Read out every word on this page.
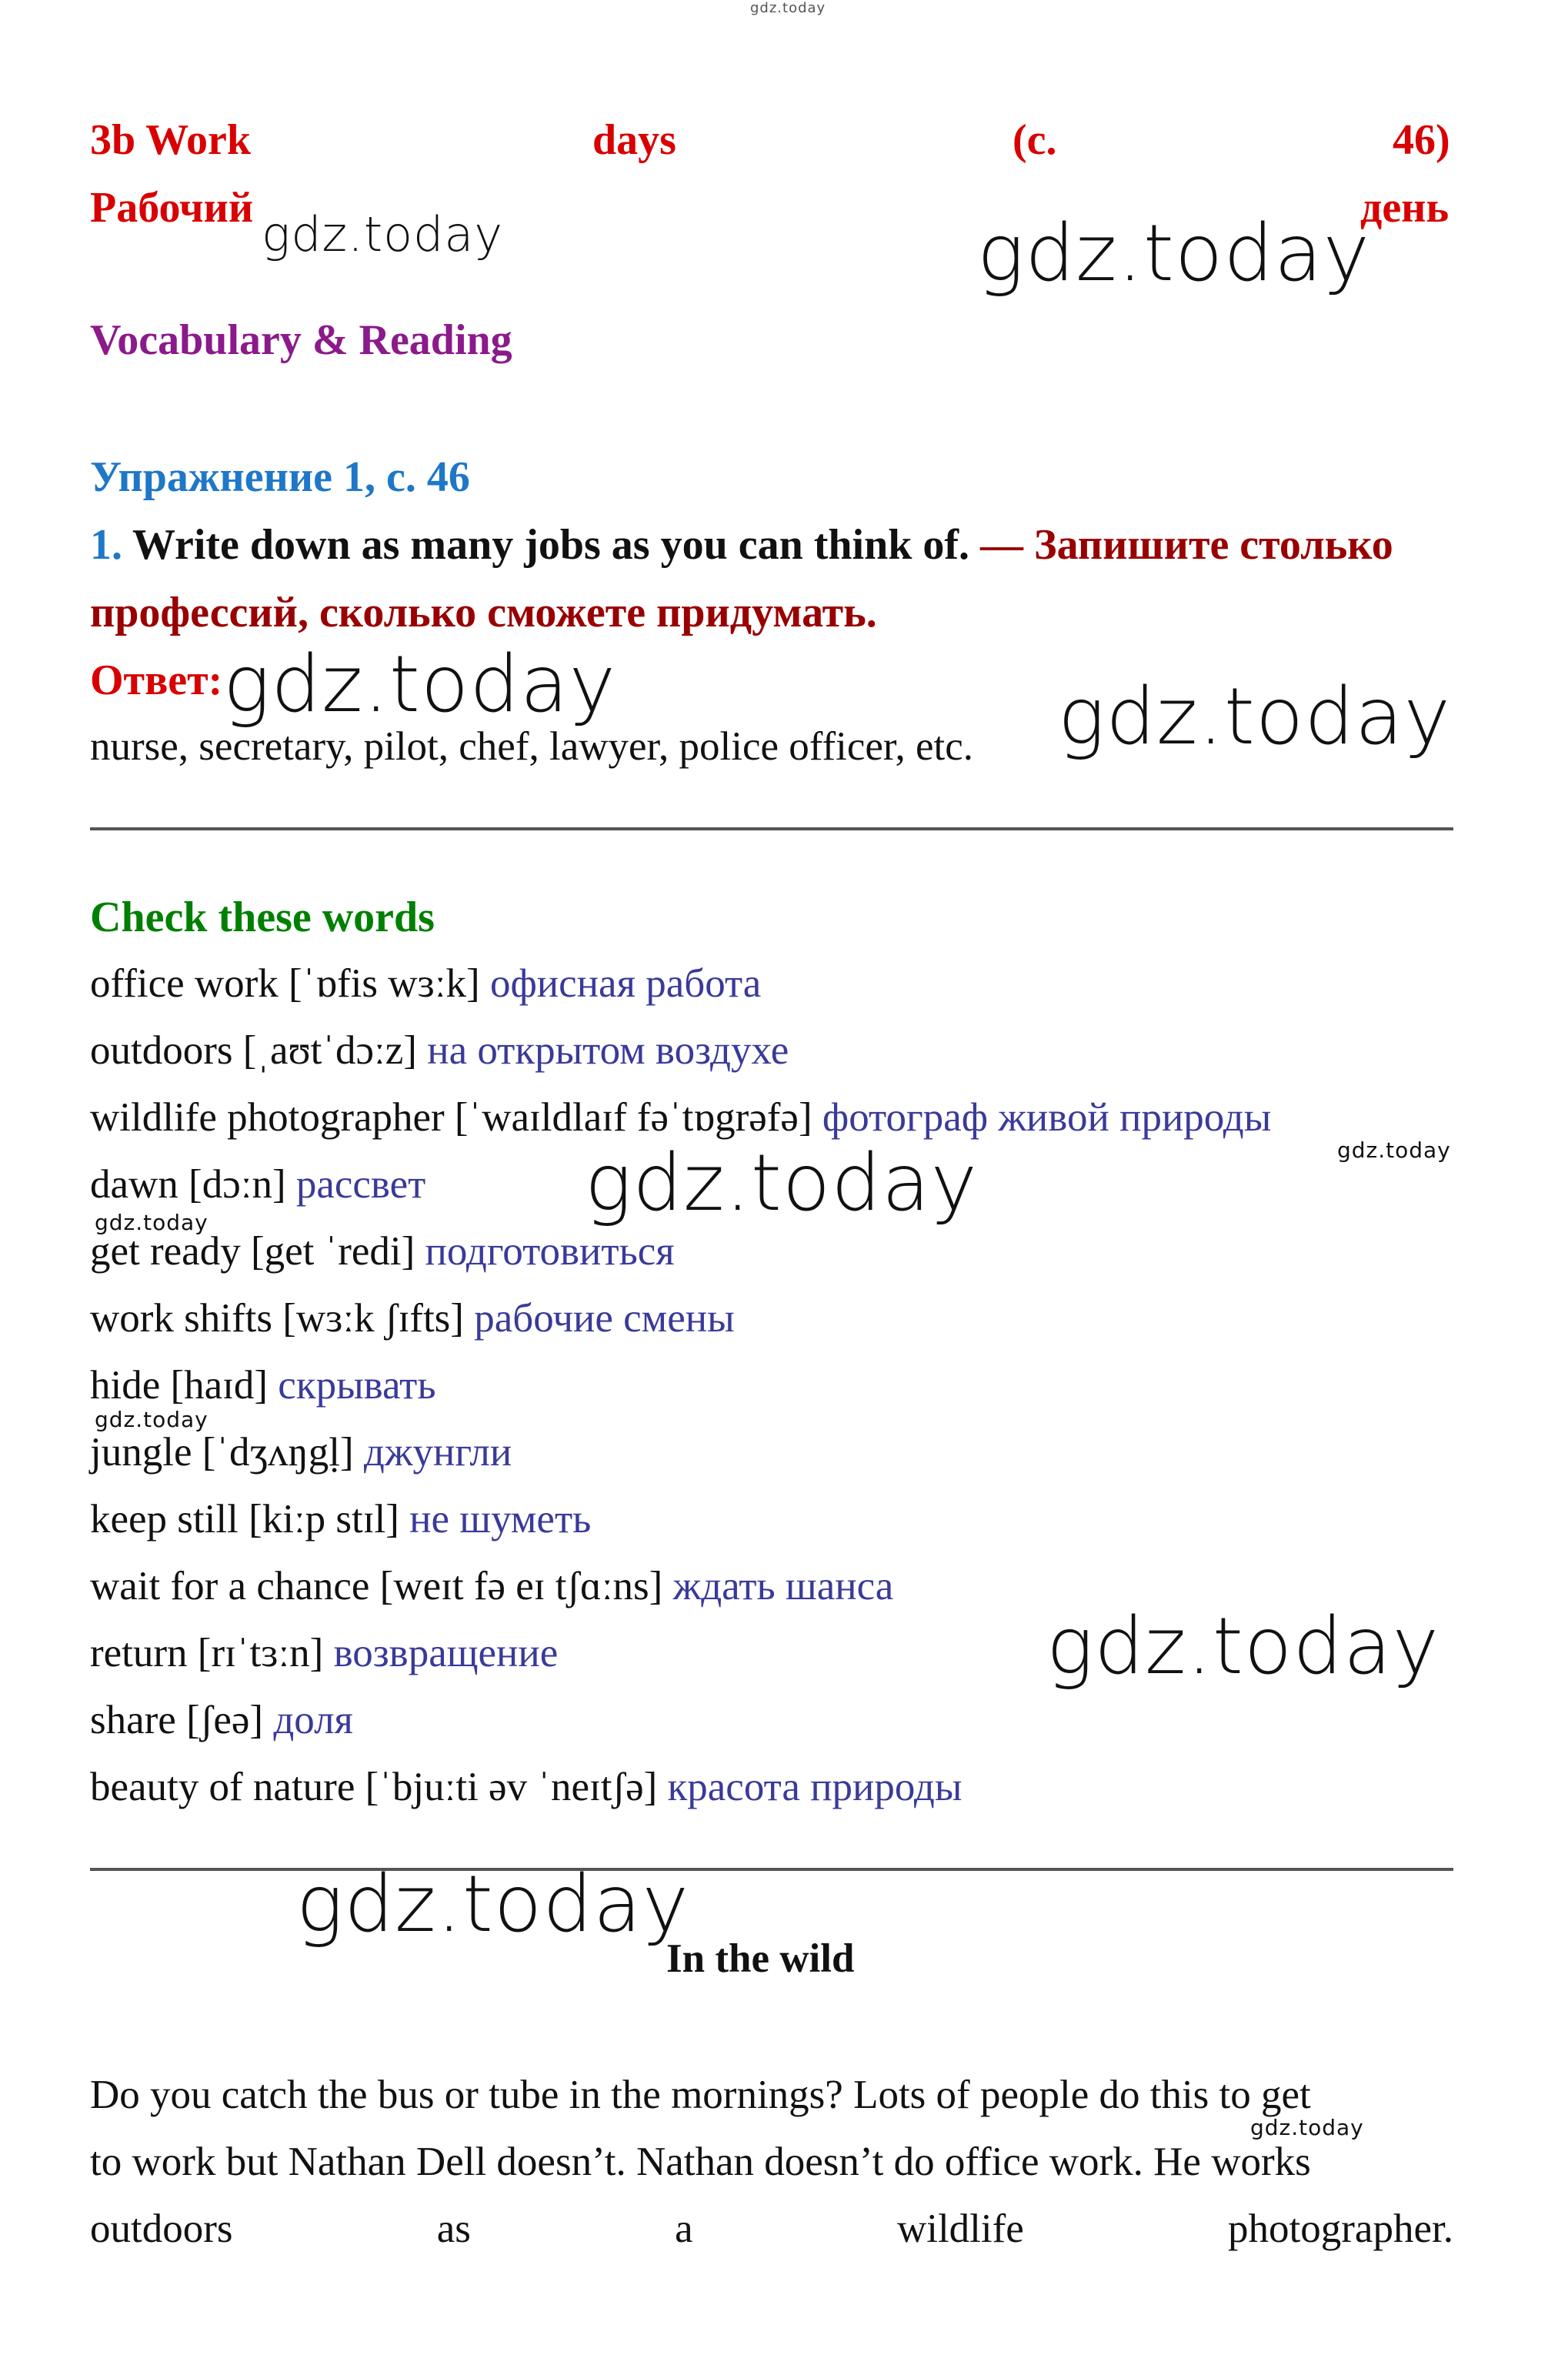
gdz.today
3b Work	days	(c.	46)
Рабочий	день
gdz.today	gdz.today
Vocabulary & Reading
Упражнение 1, с. 46
1. Write down as many jobs as you can think of. — Запишите столько
профессий, сколько сможете придумать.
Ответ: gdz.today
nurse, secretary, pilot, chef, lawyer, police officer, etc. gdz.today
Check these words
office work [ˈɒfis wɜːk] офисная работа
outdoors [ˌaʊtˈdɔːz] на открытом воздухе
wildlife photographer [ˈwaɪldlaɪf fəˈtɒgrəfə] фотограф живой природы
gdz.today
dawn [dɔːn] рассвет gdz.today
gdz.today
get ready [get ˈredi] подготовиться
work shifts [wɜːk ʃɪfts] рабочие смены
hide [haɪd] скрывать
gdz.today
jungle [ˈdʒʌŋgḷ] джунгли
keep still [kiːp stɪl] не шуметь
wait for a chance [weɪt fə eɪ tʃɑːns] ждать шанса
gdz.today
return [rɪˈtɜːn] возвращение
share [ʃeə] доля
beauty of nature [ˈbjuːti əv ˈneɪtʃə] красота природы
gdz.today
In the wild
Do you catch the bus or tube in the mornings? Lots of people do this to get
gdz.today
to work but Nathan Dell doesn’t. Nathan doesn’t do office work. He works
outdoors	as	a	wildlife	photographer.
